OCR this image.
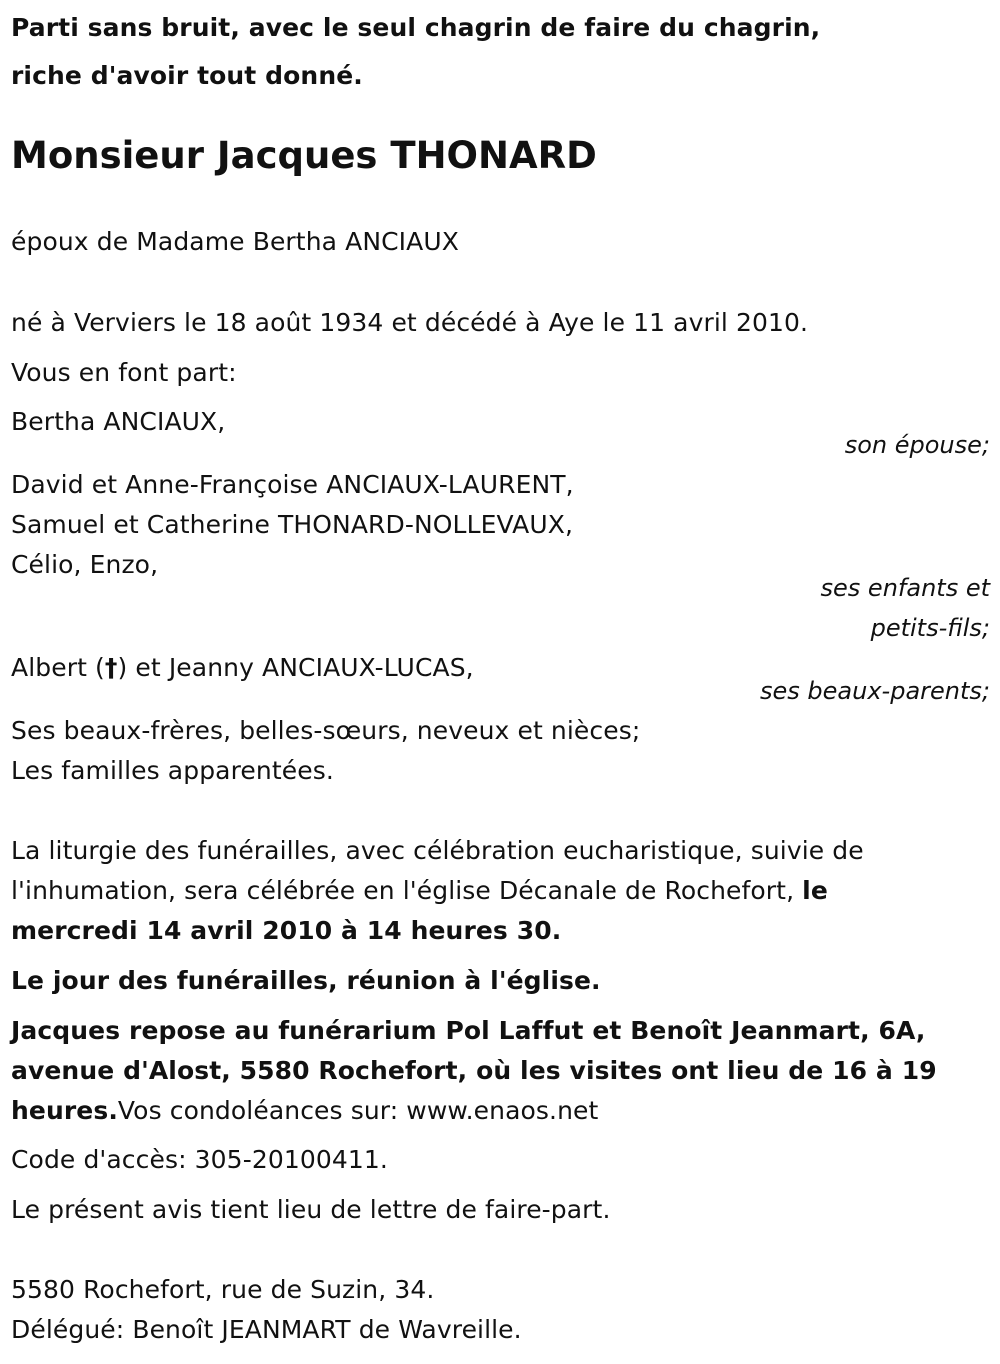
Parti sans bruit, avec le seul chagrin de faire du chagrin,
riche d'avoir tout donné.
Monsieur Jacques THONARD
époux de Madame Bertha ANCIAUX
né à Verviers le 18 août 1934 et décédé à Aye le 11 avril 2010.
Vous en font part:
Bertha ANCIAUX,
son épouse;
David et Anne-Françoise ANCIAUX-LAURENT,
Samuel et Catherine THONARD-NOLLEVAUX,
Célio, Enzo,
ses enfants et
petits-fils;
Albert (†) et Jeanny ANCIAUX-LUCAS,
ses beaux-parents;
Ses beaux-frères, belles-sœurs, neveux et nièces;
Les familles apparentées.
La liturgie des funérailles, avec célébration eucharistique, suivie de
l'inhumation, sera célébrée en l'église Décanale de Rochefort, le
mercredi 14 avril 2010 à 14 heures 30.
Le jour des funérailles, réunion à l'église.
Jacques repose au funérarium Pol Laffut et Benoît Jeanmart, 6A,
avenue d'Alost, 5580 Rochefort, où les visites ont lieu de 16 à 19
heures.Vos condoléances sur: www.enaos.net
Code d'accès: 305-20100411.
Le présent avis tient lieu de lettre de faire-part.
5580 Rochefort, rue de Suzin, 34.
Délégué: Benoît JEANMART de Wavreille.
